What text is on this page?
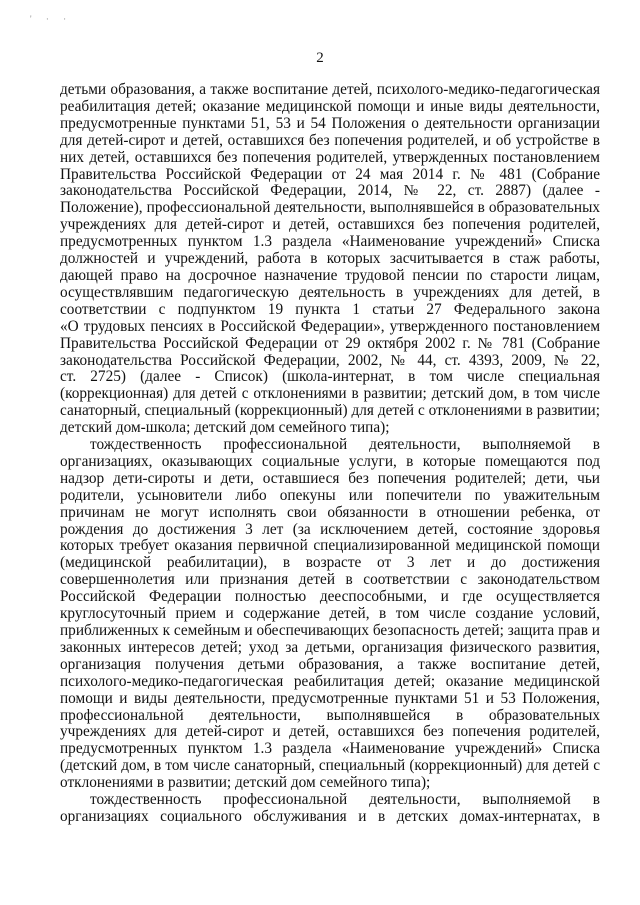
' · ·
2
детьми образования, а также воспитание детей, психолого-медико-педагогическая
реабилитация детей; оказание медицинской помощи и иные виды деятельности,
предусмотренные пунктами 51, 53 и 54 Положения о деятельности организации
для детей-сирот и детей, оставшихся без попечения родителей, и об устройстве в
них детей, оставшихся без попечения родителей, утвержденных постановлением
Правительства Российской Федерации от 24 мая 2014 г. № 481 (Собрание
законодательства Российской Федерации, 2014, № 22, ст. 2887) (далее -
Положение), профессиональной деятельности, выполнявшейся в образовательных
учреждениях для детей-сирот и детей, оставшихся без попечения родителей,
предусмотренных пунктом 1.3 раздела «Наименование учреждений» Списка
должностей и учреждений, работа в которых засчитывается в стаж работы,
дающей право на досрочное назначение трудовой пенсии по старости лицам,
осуществлявшим педагогическую деятельность в учреждениях для детей, в
соответствии с подпунктом 19 пункта 1 статьи 27 Федерального закона
«О трудовых пенсиях в Российской Федерации», утвержденного постановлением
Правительства Российской Федерации от 29 октября 2002 г. № 781 (Собрание
законодательства Российской Федерации, 2002, № 44, ст. 4393, 2009, № 22,
ст. 2725) (далее - Список) (школа-интернат, в том числе специальная
(коррекционная) для детей с отклонениями в развитии; детский дом, в том числе
санаторный, специальный (коррекционный) для детей с отклонениями в развитии;
детский дом-школа; детский дом семейного типа);
тождественность профессиональной деятельности, выполняемой в
организациях, оказывающих социальные услуги, в которые помещаются под
надзор дети-сироты и дети, оставшиеся без попечения родителей; дети, чьи
родители, усыновители либо опекуны или попечители по уважительным
причинам не могут исполнять свои обязанности в отношении ребенка, от
рождения до достижения 3 лет (за исключением детей, состояние здоровья
которых требует оказания первичной специализированной медицинской помощи
(медицинской реабилитации), в возрасте от 3 лет и до достижения
совершеннолетия или признания детей в соответствии с законодательством
Российской Федерации полностью дееспособными, и где осуществляется
круглосуточный прием и содержание детей, в том числе создание условий,
приближенных к семейным и обеспечивающих безопасность детей; защита прав и
законных интересов детей; уход за детьми, организация физического развития,
организация получения детьми образования, а также воспитание детей,
психолого-медико-педагогическая реабилитация детей; оказание медицинской
помощи и виды деятельности, предусмотренные пунктами 51 и 53 Положения,
профессиональной деятельности, выполнявшейся в образовательных
учреждениях для детей-сирот и детей, оставшихся без попечения родителей,
предусмотренных пунктом 1.3 раздела «Наименование учреждений» Списка
(детский дом, в том числе санаторный, специальный (коррекционный) для детей с
отклонениями в развитии; детский дом семейного типа);
тождественность профессиональной деятельности, выполняемой в
организациях социального обслуживания и в детских домах-интернатах, в
